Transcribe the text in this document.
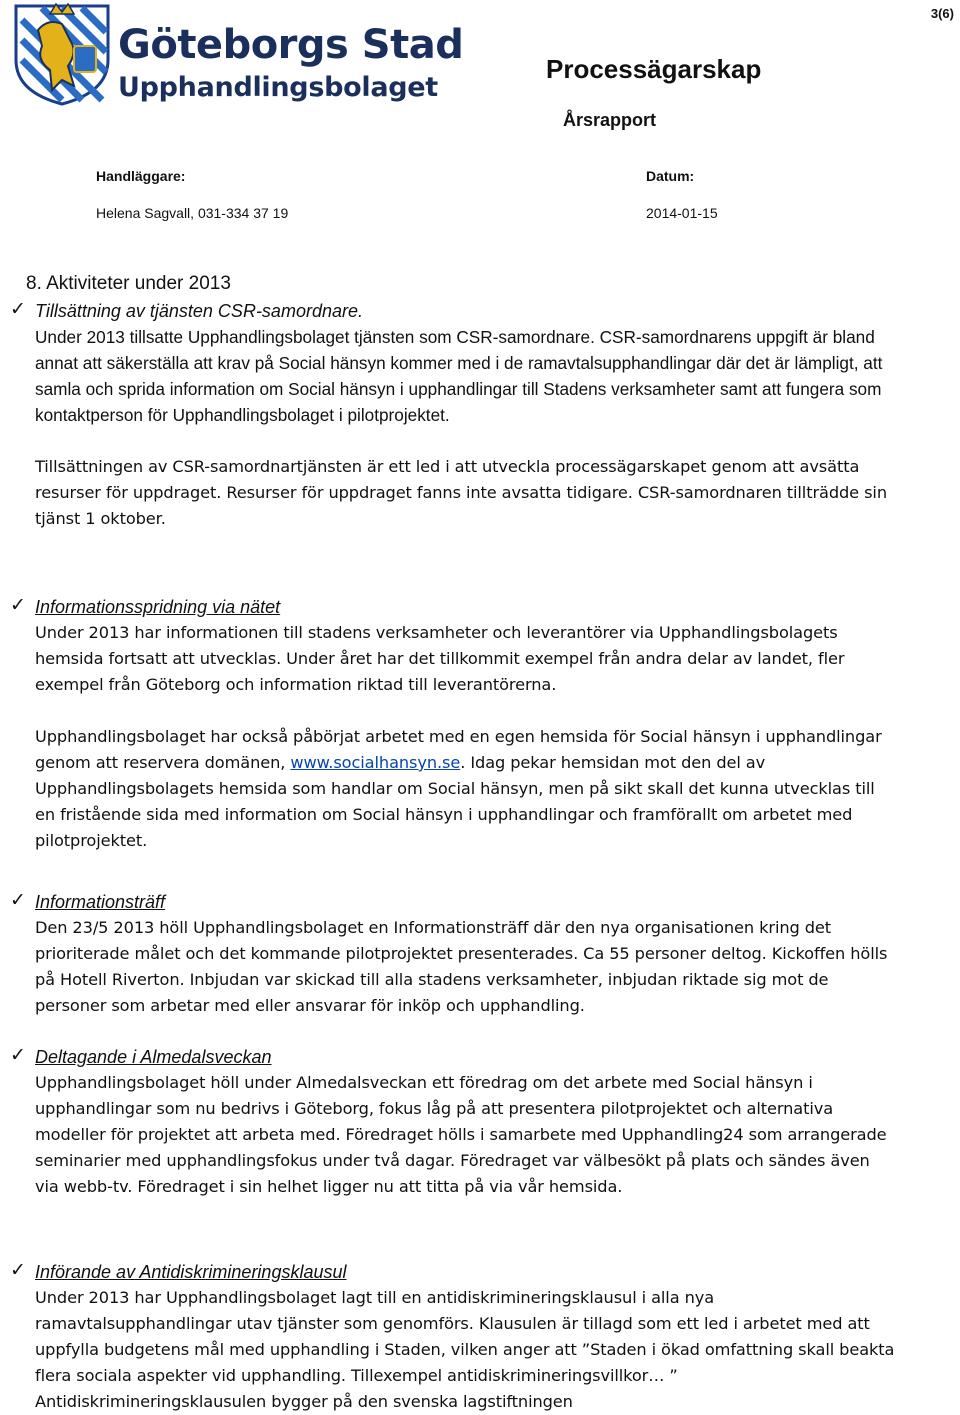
3(6)
Göteborgs Stad
Upphandlingsbolaget
Processägarskap
Årsrapport
Handläggare:
Helena Sagvall, 031-334 37 19
Datum:
2014-01-15
8. Aktiviteter under 2013
✓ Tillsättning av tjänsten CSR-samordnare.
Under 2013 tillsatte Upphandlingsbolaget tjänsten som CSR-samordnare. CSR-samordnarens uppgift är bland annat att säkerställa att krav på Social hänsyn kommer med i de ramavtalsupphandlingar där det är lämpligt, att samla och sprida information om Social hänsyn i upphandlingar till Stadens verksamheter samt att fungera som kontaktperson för Upphandlingsbolaget i pilotprojektet.
Tillsättningen av CSR-samordnartjänsten är ett led i att utveckla processägarskapet genom att avsätta resurser för uppdraget. Resurser för uppdraget fanns inte avsatta tidigare. CSR-samordnaren tillträdde sin tjänst 1 oktober.
✓ Informationsspridning via nätet
Under 2013 har informationen till stadens verksamheter och leverantörer via Upphandlingsbolagets hemsida fortsatt att utvecklas. Under året har det tillkommit exempel från andra delar av landet, fler exempel från Göteborg och information riktad till leverantörerna.
Upphandlingsbolaget har också påbörjat arbetet med en egen hemsida för Social hänsyn i upphandlingar genom att reservera domänen, www.socialhansyn.se. Idag pekar hemsidan mot den del av Upphandlingsbolagets hemsida som handlar om Social hänsyn, men på sikt skall det kunna utvecklas till en fristående sida med information om Social hänsyn i upphandlingar och framförallt om arbetet med pilotprojektet.
✓ Informationsträff
Den 23/5 2013 höll Upphandlingsbolaget en Informationsträff där den nya organisationen kring det prioriterade målet och det kommande pilotprojektet presenterades. Ca 55 personer deltog. Kickoffen hölls på Hotell Riverton. Inbjudan var skickad till alla stadens verksamheter, inbjudan riktade sig mot de personer som arbetar med eller ansvarar för inköp och upphandling.
✓ Deltagande i Almedalsveckan
Upphandlingsbolaget höll under Almedalsveckan ett föredrag om det arbete med Social hänsyn i upphandlingar som nu bedrivs i Göteborg, fokus låg på att presentera pilotprojektet och alternativa modeller för projektet att arbeta med. Föredraget hölls i samarbete med Upphandling24 som arrangerade seminarier med upphandlingsfokus under två dagar. Föredraget var välbesökt på plats och sändes även via webb-tv. Föredraget i sin helhet ligger nu att titta på via vår hemsida.
✓ Införande av Antidiskrimineringsklausul
Under 2013 har Upphandlingsbolaget lagt till en antidiskrimineringsklausul i alla nya ramavtalsupphandlingar utav tjänster som genomförs. Klausulen är tillagd som ett led i arbetet med att uppfylla budgetens mål med upphandling i Staden, vilken anger att ”Staden i ökad omfattning skall beakta flera sociala aspekter vid upphandling. Tillexempel antidiskrimineringsvillkor… ” Antidiskrimineringsklausulen bygger på den svenska lagstiftningen
